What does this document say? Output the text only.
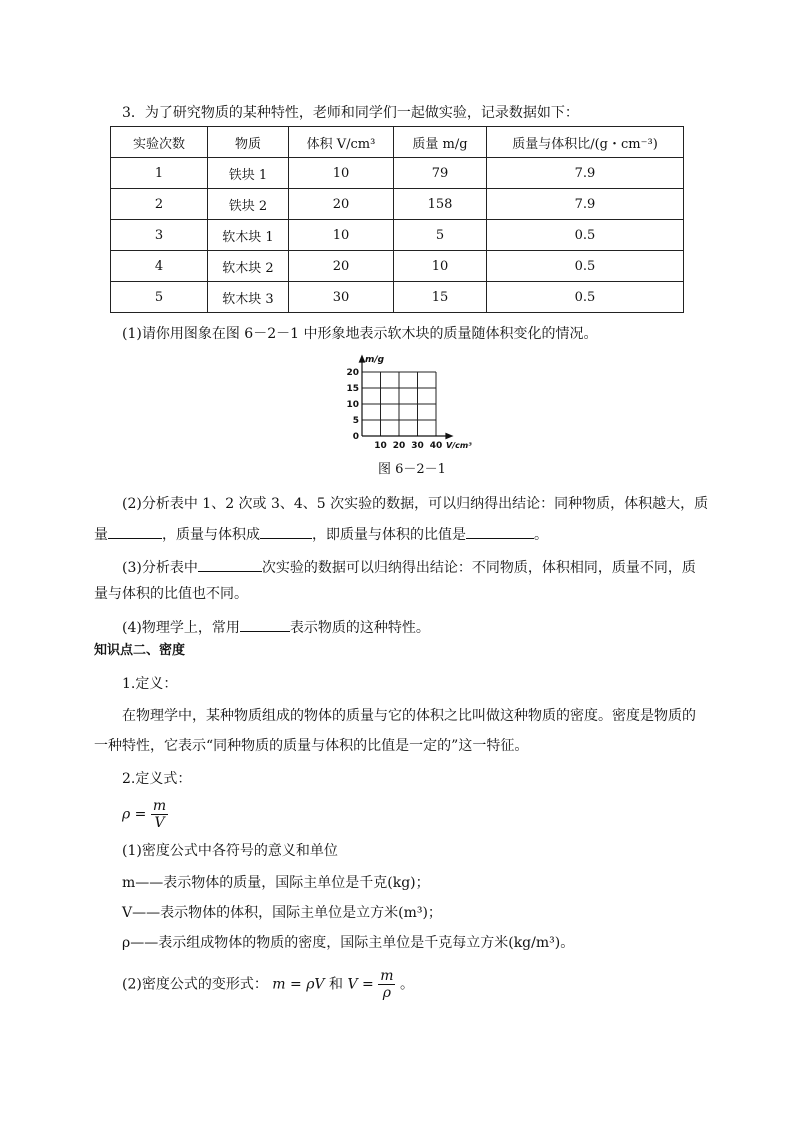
3．为了研究物质的某种特性，老师和同学们一起做实验，记录数据如下：
实验次数	物质	体积 V/cm³	质量 m/g	质量与体积比/(g・cm⁻³)
1	铁块 1	10	79	7.9
2	铁块 2	20	158	7.9
3	软木块 1	10	5	0.5
4	软木块 2	20	10	0.5
5	软木块 3	30	15	0.5
(1)请你用图象在图 6－2－1 中形象地表示软木块的质量随体积变化的情况。
m/g
20
15
10
5
0
10 20 30 40 V/cm³
图 6－2－1
(2)分析表中 1、2 次或 3、4、5 次实验的数据，可以归纳得出结论：同种物质，体积越大，质
量	，质量与体积成	，即质量与体积的比值是	。
(3)分析表中	次实验的数据可以归纳得出结论：不同物质，体积相同，质量不同，质
量与体积的比值也不同。
(4)物理学上，常用	表示物质的这种特性。
知识点二、密度
1.定义：
在物理学中，某种物质组成的物体的质量与它的体积之比叫做这种物质的密度。密度是物质的
一种特性，它表示“同种物质的质量与体积的比值是一定的”这一特征。
2.定义式：
$\rho = \frac{m}{V}$
(1)密度公式中各符号的意义和单位
m——表示物体的质量，国际主单位是千克(kg)；
V——表示物体的体积，国际主单位是立方米(m³)；
ρ——表示组成物体的物质的密度，国际主单位是千克每立方米(kg/m³)。
(2)密度公式的变形式： m = ρV 和 $V = \frac{m}{\rho}$ 。
